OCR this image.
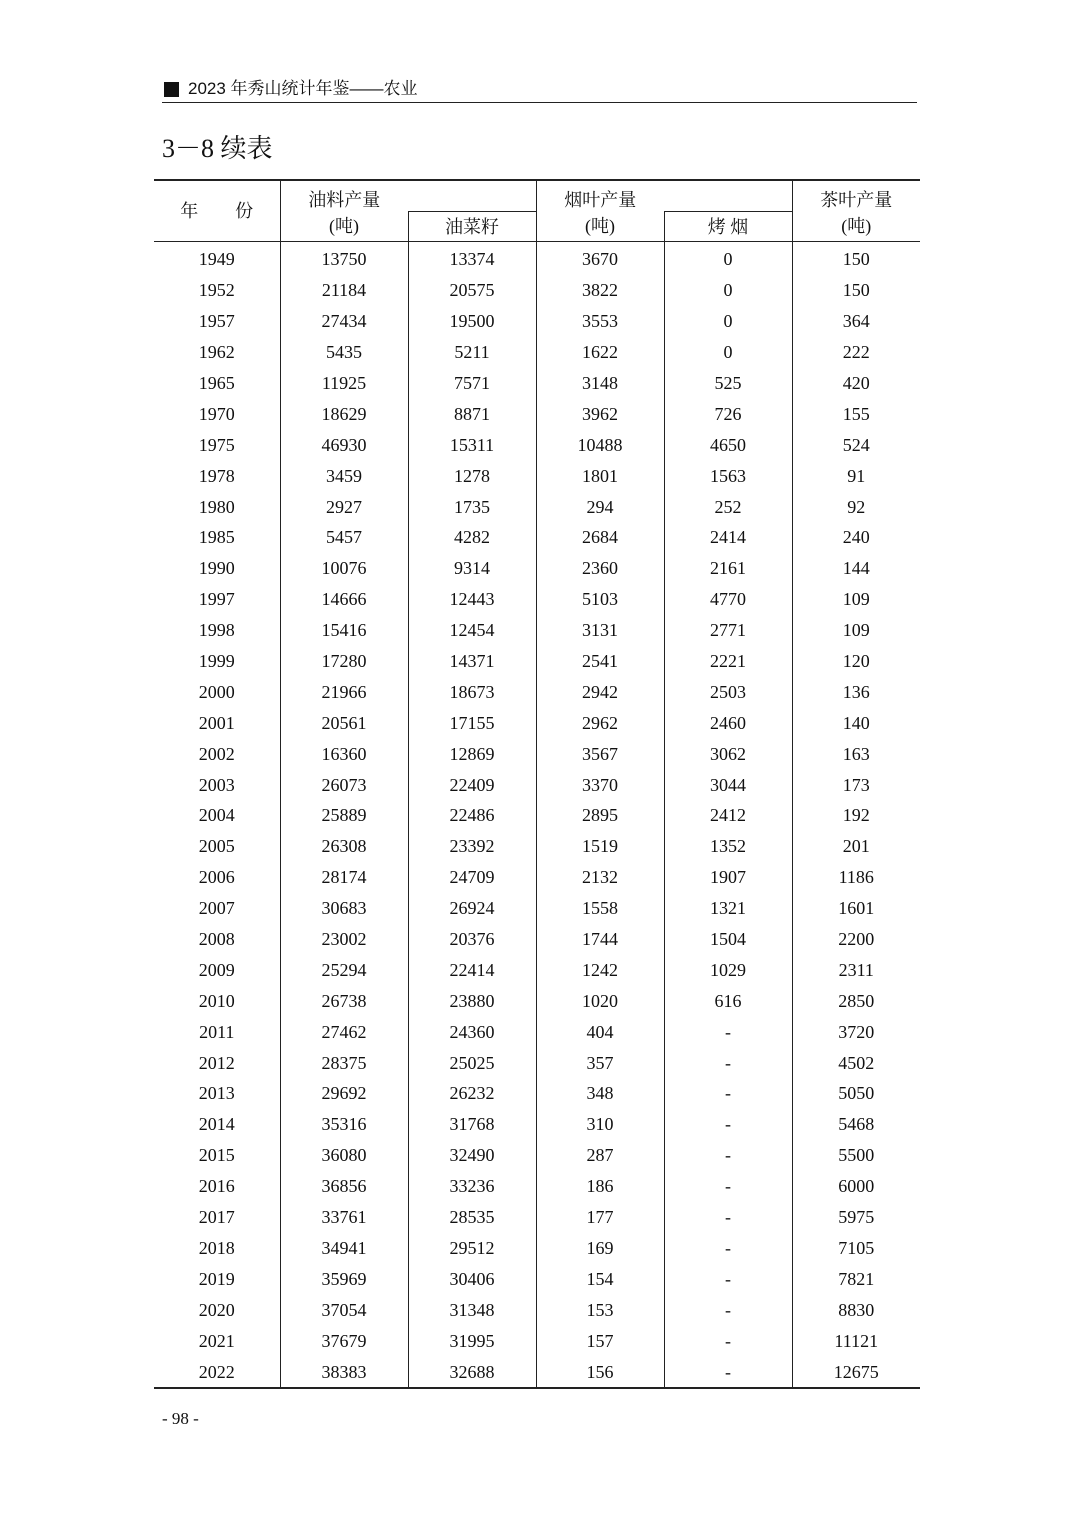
2023 年秀山统计年鉴——农业
3－8 续表
年 份	油料产量		烟叶产量		茶叶产量
	(吨)	油菜籽	(吨)	烤 烟	(吨)
1949	13750	13374	3670	0	150
1952	21184	20575	3822	0	150
1957	27434	19500	3553	0	364
1962	5435	5211	1622	0	222
1965	11925	7571	3148	525	420
1970	18629	8871	3962	726	155
1975	46930	15311	10488	4650	524
1978	3459	1278	1801	1563	91
1980	2927	1735	294	252	92
1985	5457	4282	2684	2414	240
1990	10076	9314	2360	2161	144
1997	14666	12443	5103	4770	109
1998	15416	12454	3131	2771	109
1999	17280	14371	2541	2221	120
2000	21966	18673	2942	2503	136
2001	20561	17155	2962	2460	140
2002	16360	12869	3567	3062	163
2003	26073	22409	3370	3044	173
2004	25889	22486	2895	2412	192
2005	26308	23392	1519	1352	201
2006	28174	24709	2132	1907	1186
2007	30683	26924	1558	1321	1601
2008	23002	20376	1744	1504	2200
2009	25294	22414	1242	1029	2311
2010	26738	23880	1020	616	2850
2011	27462	24360	404	-	3720
2012	28375	25025	357	-	4502
2013	29692	26232	348	-	5050
2014	35316	31768	310	-	5468
2015	36080	32490	287	-	5500
2016	36856	33236	186	-	6000
2017	33761	28535	177	-	5975
2018	34941	29512	169	-	7105
2019	35969	30406	154	-	7821
2020	37054	31348	153	-	8830
2021	37679	31995	157	-	11121
2022	38383	32688	156	-	12675
- 98 -
